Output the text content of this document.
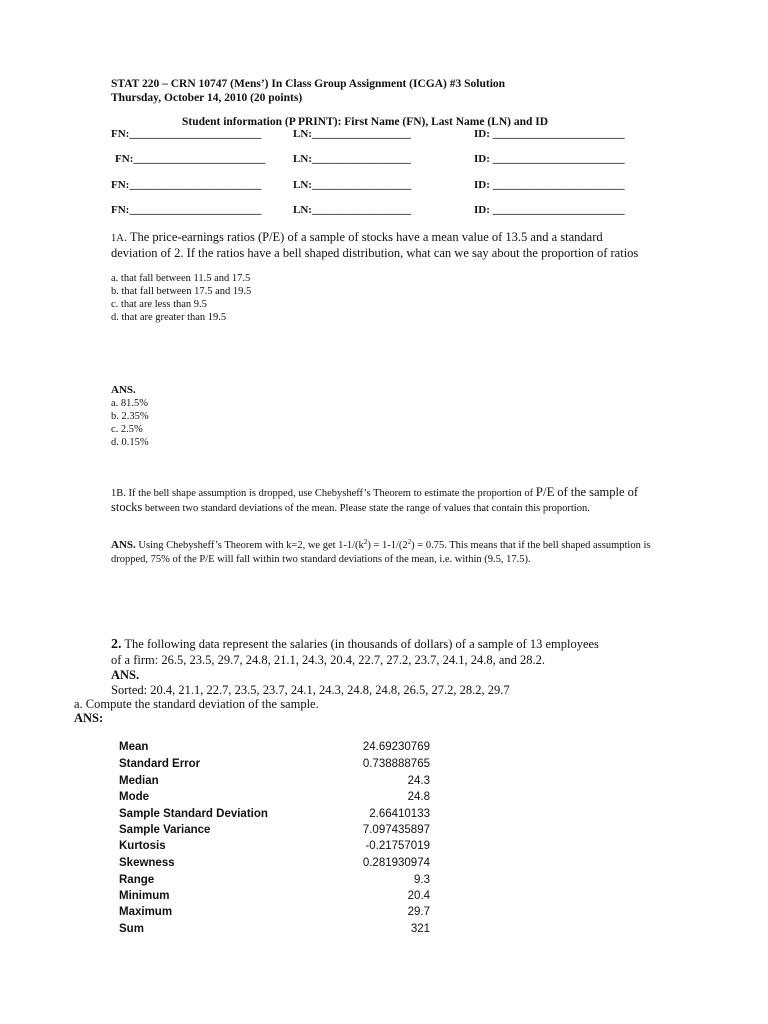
STAT 220 – CRN 10747 (Mens’) In Class Group Assignment (ICGA) #3 Solution
Thursday, October 14, 2010 (20 points)
Student information (P PRINT): First Name (FN), Last Name (LN) and ID
FN:________________________	LN:__________________	ID: ________________________
FN:________________________	LN:__________________	ID: ________________________
FN:________________________	LN:__________________	ID: ________________________
FN:________________________	LN:__________________	ID: ________________________
1A. The price-earnings ratios (P/E) of a sample of stocks have a mean value of 13.5 and a standard deviation of 2. If the ratios have a bell shaped distribution, what can we say about the proportion of ratios
a. that fall between 11.5 and 17.5
b. that fall between 17.5 and 19.5
c. that are less than 9.5
d. that are greater than 19.5
ANS.
a. 81.5%
b. 2.35%
c. 2.5%
d. 0.15%
1B. If the bell shape assumption is dropped, use Chebysheff’s Theorem to estimate the proportion of P/E of the sample of stocks between two standard deviations of the mean. Please state the range of values that contain this proportion.
ANS. Using Chebysheff’s Theorem with k=2, we get $1-1/(k^2) = 1-1/(2^2) = 0.75$. This means that if the bell shaped assumption is dropped, 75% of the P/E will fall within two standard deviations of the mean, i.e. within (9.5, 17.5).
2. The following data represent the salaries (in thousands of dollars) of a sample of 13 employees
of a firm: 26.5, 23.5, 29.7, 24.8, 21.1, 24.3, 20.4, 22.7, 27.2, 23.7, 24.1, 24.8, and 28.2.
ANS.
Sorted: 20.4, 21.1, 22.7, 23.5, 23.7, 24.1, 24.3, 24.8, 24.8, 26.5, 27.2, 28.2, 29.7
a. Compute the standard deviation of the sample.
ANS:
Mean	24.69230769
Standard Error	0.738888765
Median	24.3
Mode	24.8
Sample Standard Deviation	2.66410133
Sample Variance	7.097435897
Kurtosis	-0.21757019
Skewness	0.281930974
Range	9.3
Minimum	20.4
Maximum	29.7
Sum	321
